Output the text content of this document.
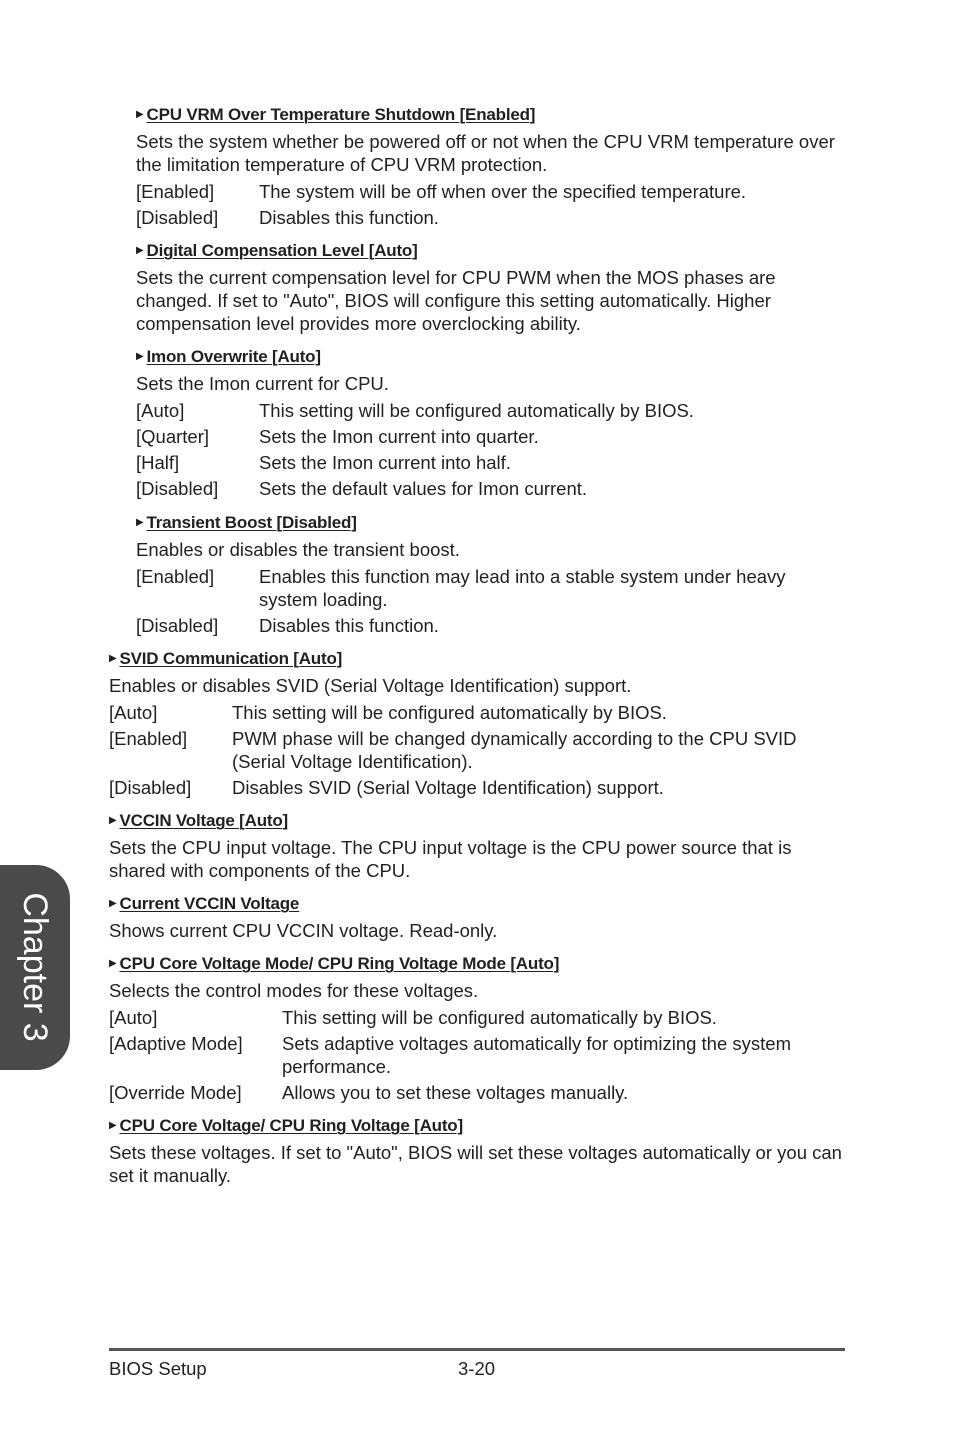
▶ CPU VRM Over Temperature Shutdown [Enabled]
Sets the system whether be powered off or not when the CPU VRM temperature over the limitation temperature of CPU VRM protection.
[Enabled]	The system will be off when over the specified temperature.
[Disabled]	Disables this function.
▶ Digital Compensation Level [Auto]
Sets the current compensation level for CPU PWM when the MOS phases are changed. If set to "Auto", BIOS will configure this setting automatically. Higher compensation level provides more overclocking ability.
▶ Imon Overwrite [Auto]
Sets the Imon current for CPU.
[Auto]	This setting will be configured automatically by BIOS.
[Quarter]	Sets the Imon current into quarter.
[Half]	Sets the Imon current into half.
[Disabled]	Sets the default values for Imon current.
▶ Transient Boost [Disabled]
Enables or disables the transient boost.
[Enabled]	Enables this function may lead into a stable system under heavy system loading.
[Disabled]	Disables this function.
▶ SVID Communication [Auto]
Enables or disables SVID (Serial Voltage Identification) support.
[Auto]	This setting will be configured automatically by BIOS.
[Enabled]	PWM phase will be changed dynamically according to the CPU SVID (Serial Voltage Identification).
[Disabled]	Disables SVID (Serial Voltage Identification) support.
▶ VCCIN Voltage [Auto]
Sets the CPU input voltage. The CPU input voltage is the CPU power source that is shared with components of the CPU.
▶ Current VCCIN Voltage
Shows current CPU VCCIN voltage. Read-only.
▶ CPU Core Voltage Mode/ CPU Ring Voltage Mode [Auto]
Selects the control modes for these voltages.
[Auto]	This setting will be configured automatically by BIOS.
[Adaptive Mode]	Sets adaptive voltages automatically for optimizing the system performance.
[Override Mode]	Allows you to set these voltages manually.
▶ CPU Core Voltage/ CPU Ring Voltage [Auto]
Sets these voltages. If set to "Auto", BIOS will set these voltages automatically or you can set it manually.
Chapter 3
BIOS Setup	3-20
